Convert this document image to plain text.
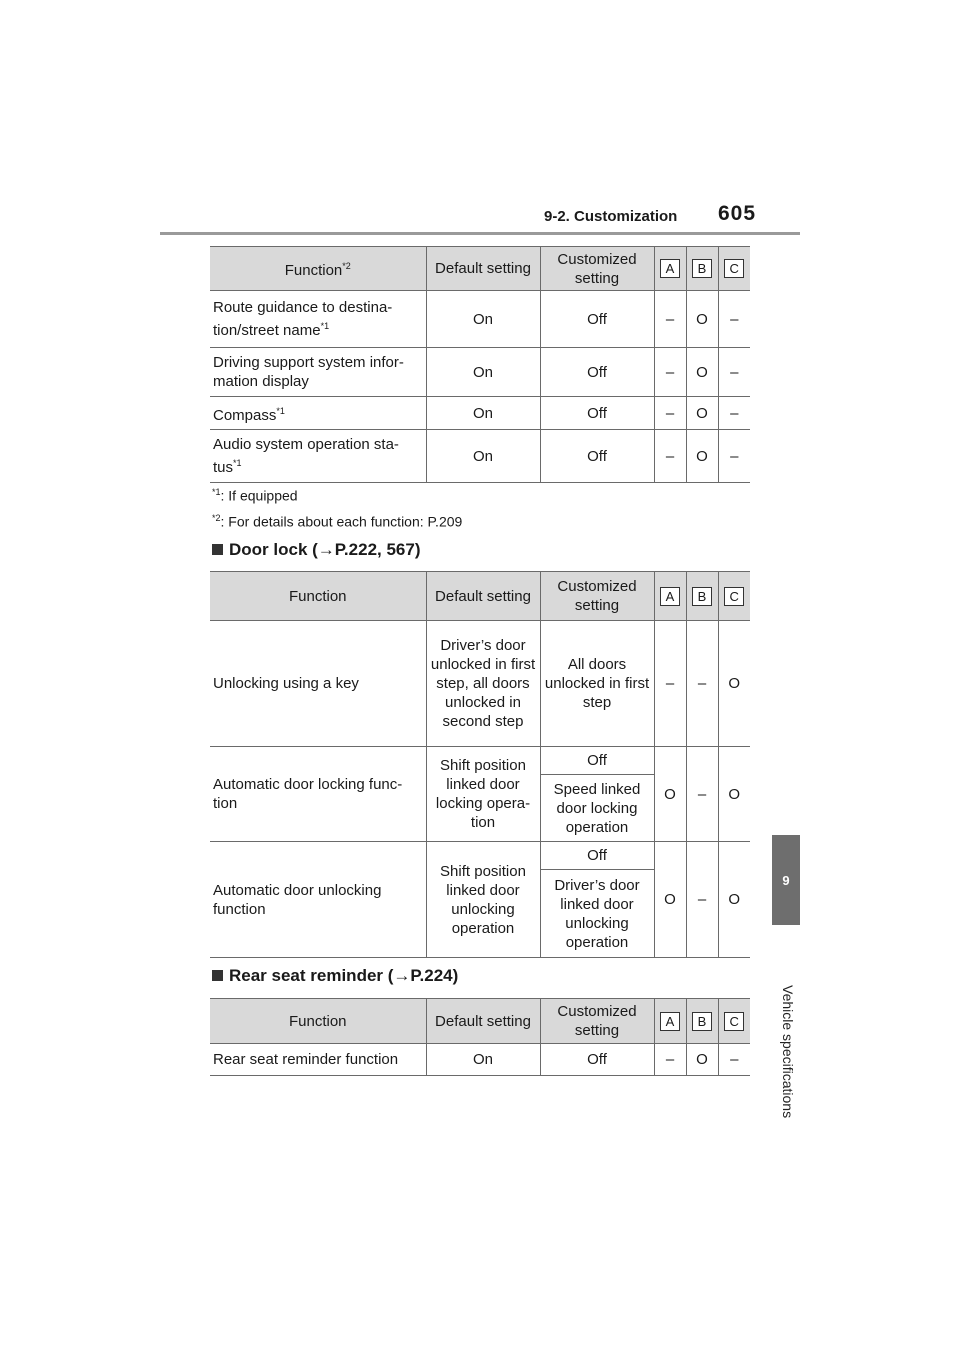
9-2. Customization 605
9
Vehicle specifications
Function$^{*2}$	Default setting	Customized setting	A	B	C
Route guidance to destina-tion/street name$^{*1}$	On	Off	–	O	–
Driving support system infor-mation display	On	Off	–	O	–
Compass$^{*1}$	On	Off	–	O	–
Audio system operation sta-tus$^{*1}$	On	Off	–	O	–
$^{*1}$: If equipped
$^{*2}$: For details about each function: P.209
Door lock (→P.222, 567)
Function	Default setting	Customized setting	A	B	C
Unlocking using a key	Driver’s door unlocked in first step, all doors unlocked in second step	All doors unlocked in first step	–	–	O
Automatic door locking func-tion	Shift position linked door locking opera-tion	Off	O	–	O
		Speed linked door locking operation			
Automatic door unlocking function	Shift position linked door unlocking operation	Off	O	–	O
		Driver’s door linked door unlocking operation			
Rear seat reminder (→P.224)
Function	Default setting	Customized setting	A	B	C
Rear seat reminder function	On	Off	–	O	–
